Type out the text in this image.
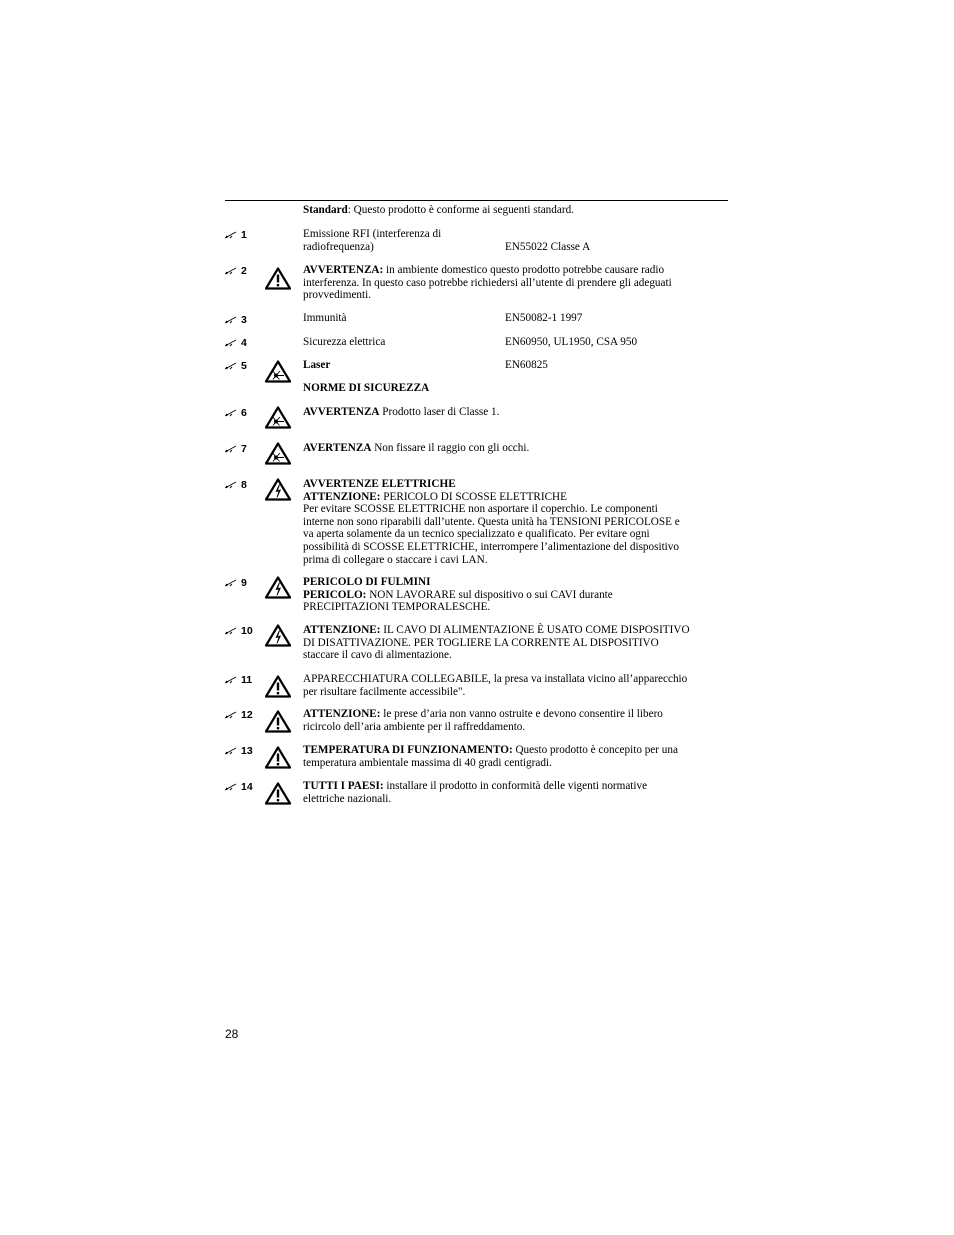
Standard: Questo prodotto è conforme ai seguenti standard.
1	Emissione RFI (interferenza di
radiofrequenza)	EN55022 Classe A
2	AVVERTENZA: in ambiente domestico questo prodotto potrebbe causare radio
interferenza. In questo caso potrebbe richiedersi all’utente di prendere gli adeguati
provvedimenti.
3	Immunità	EN50082-1 1997
4	Sicurezza elettrica	EN60950, UL1950, CSA 950
5	Laser	EN60825
NORME DI SICUREZZA
6	AVVERTENZA Prodotto laser di Classe 1.
7	AVERTENZA Non fissare il raggio con gli occhi.
8	AVVERTENZE ELETTRICHE
ATTENZIONE: PERICOLO DI SCOSSE ELETTRICHE
Per evitare SCOSSE ELETTRICHE non asportare il coperchio. Le componenti
interne non sono riparabili dall’utente. Questa unità ha TENSIONI PERICOLOSE e
va aperta solamente da un tecnico specializzato e qualificato. Per evitare ogni
possibilità di SCOSSE ELETTRICHE, interrompere l’alimentazione del dispositivo
prima di collegare o staccare i cavi LAN.
9	PERICOLO DI FULMINI
PERICOLO: NON LAVORARE sul dispositivo o sui CAVI durante
PRECIPITAZIONI TEMPORALESCHE.
10	ATTENZIONE: IL CAVO DI ALIMENTAZIONE È USATO COME DISPOSITIVO
DI DISATTIVAZIONE. PER TOGLIERE LA CORRENTE AL DISPOSITIVO
staccare il cavo di alimentazione.
11	APPARECCHIATURA COLLEGABILE, la presa va installata vicino all’apparecchio
per risultare facilmente accessibile".
12	ATTENZIONE: le prese d’aria non vanno ostruite e devono consentire il libero
ricircolo dell’aria ambiente per il raffreddamento.
13	TEMPERATURA DI FUNZIONAMENTO: Questo prodotto è concepito per una
temperatura ambientale massima di 40 gradi centigradi.
14	TUTTI I PAESI: installare il prodotto in conformità delle vigenti normative
elettriche nazionali.
28
